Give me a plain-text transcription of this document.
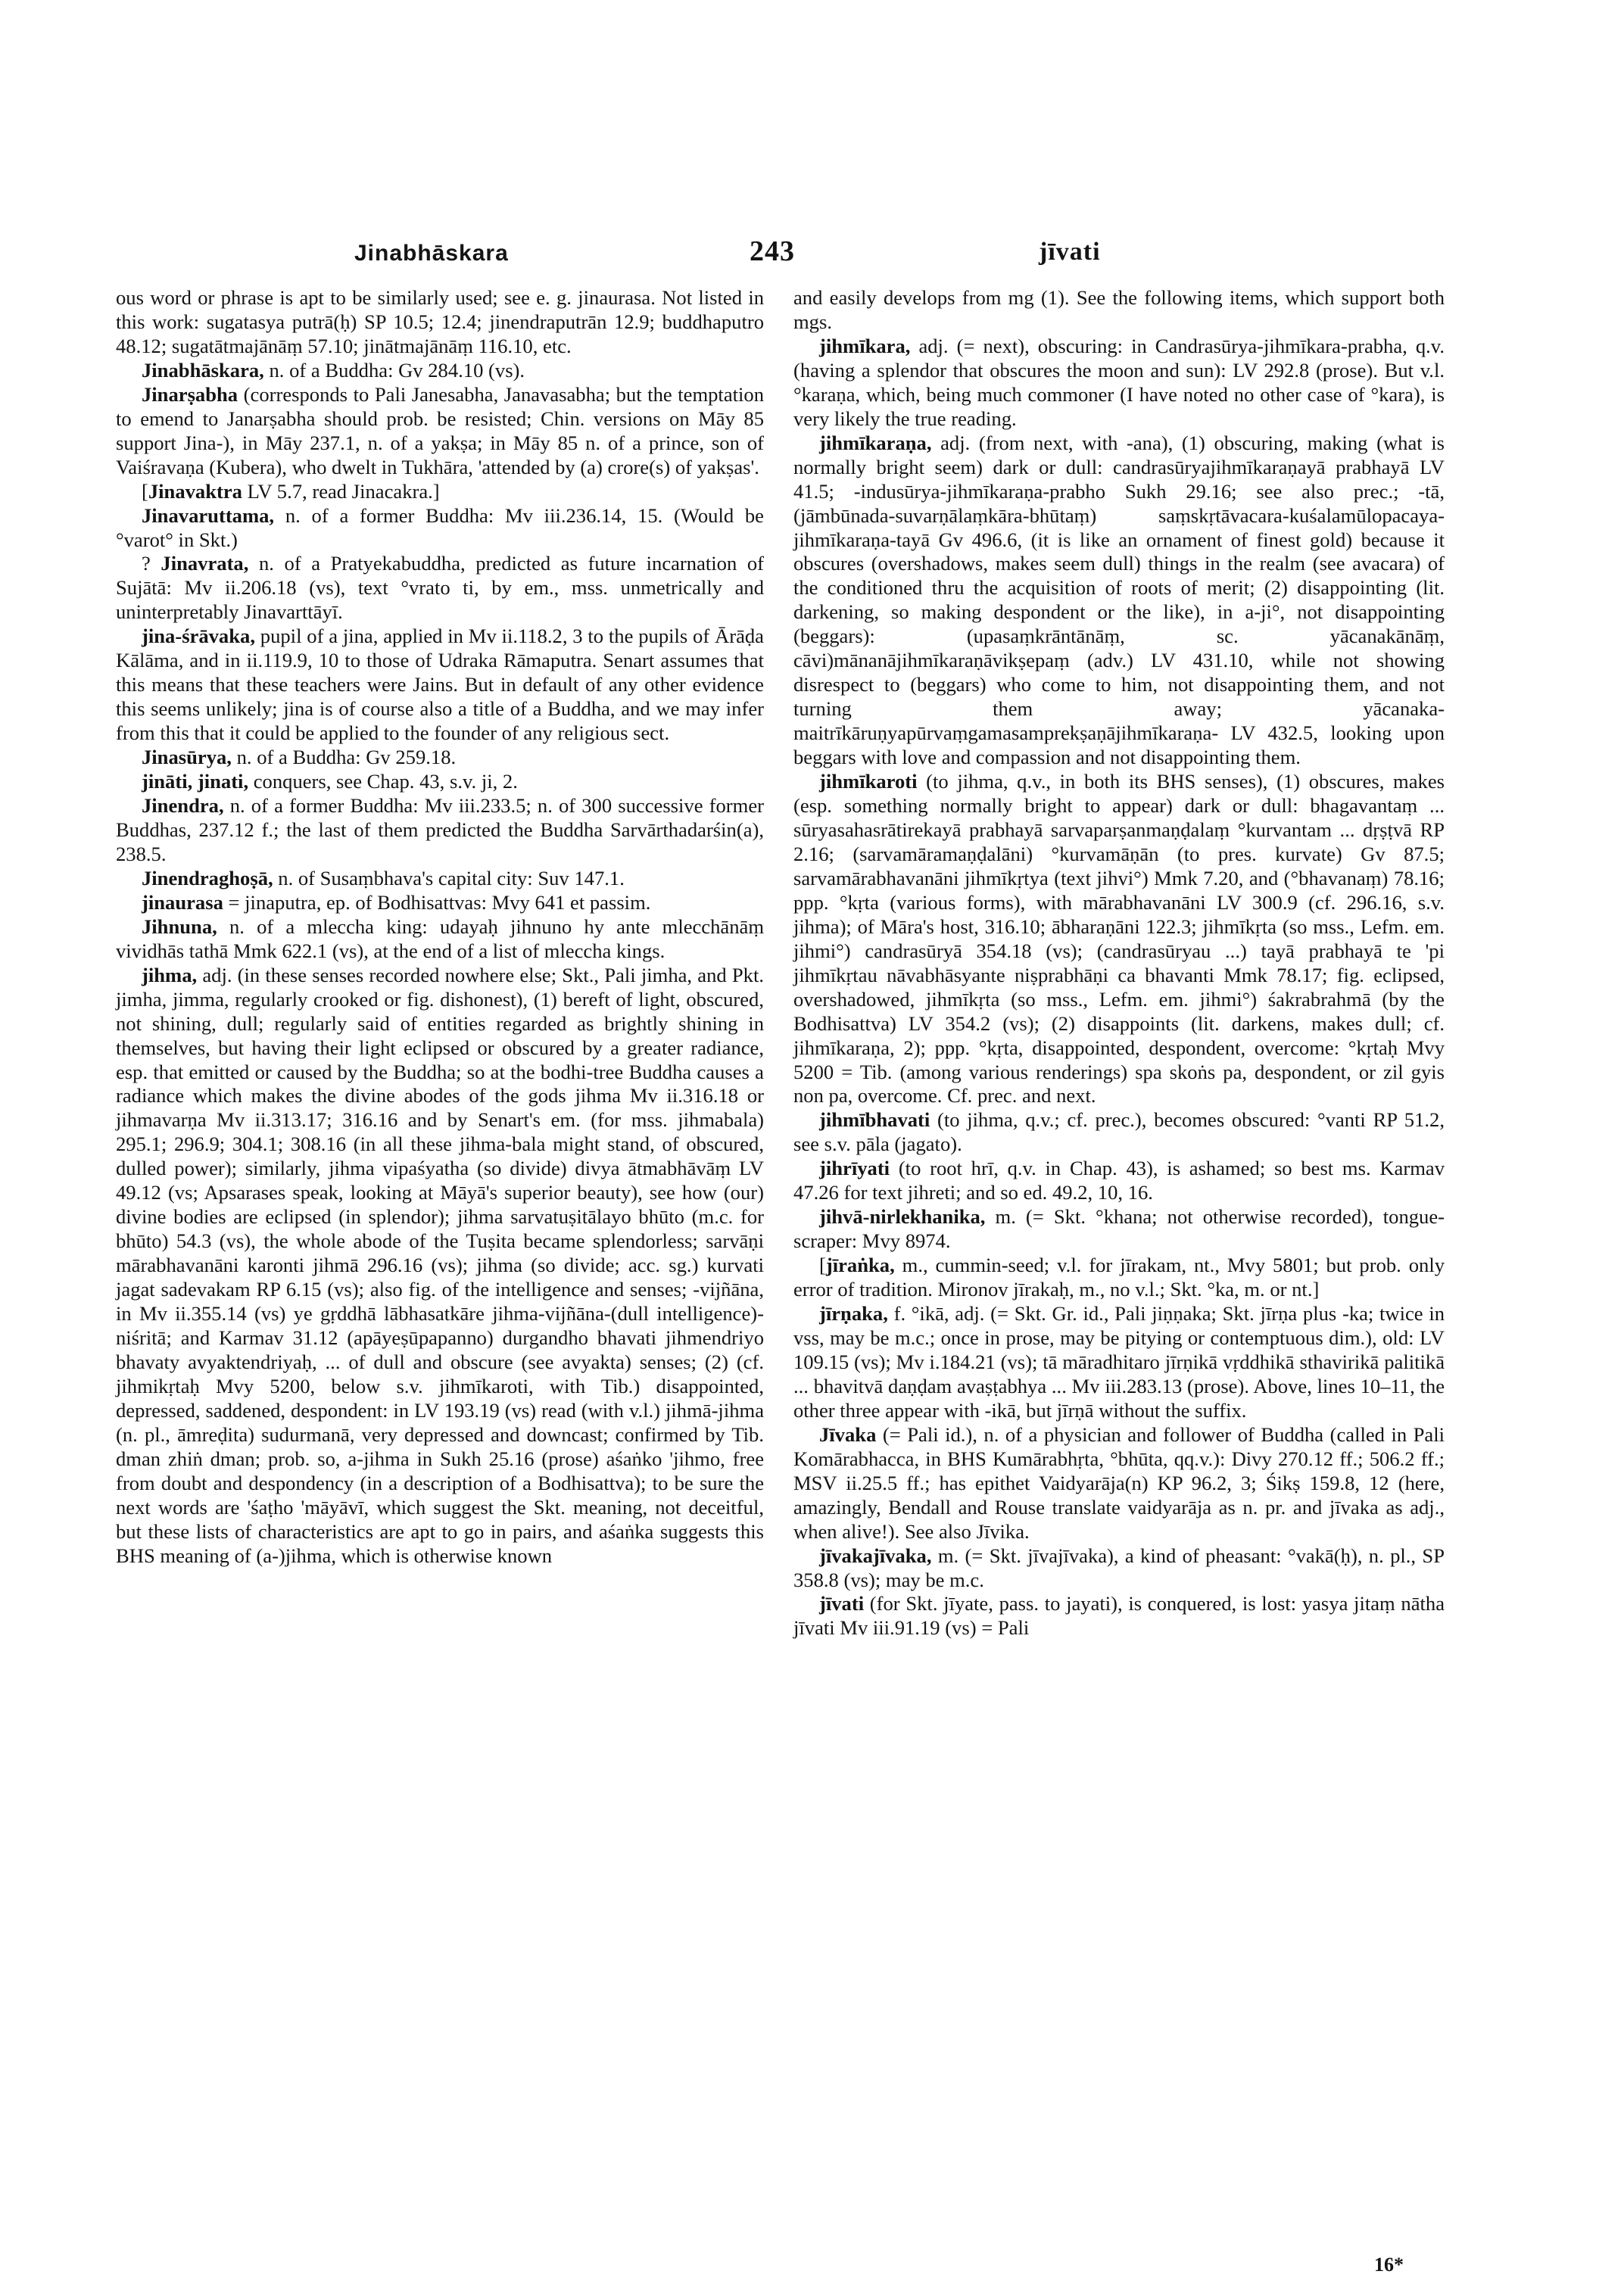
Jinabhāskara	243	jīvati

ous word or phrase is apt to be similarly used; see e. g. jinaurasa. Not listed in this work: sugatasya putrā(ḥ) SP 10.5; 12.4; jinendraputrān 12.9; buddhaputro 48.12; sugatātmajānāṃ 57.10; jinātmajānāṃ 116.10, etc.

Jinabhāskara, n. of a Buddha: Gv 284.10 (vs).

Jinarṣabha (corresponds to Pali Janesabha, Janavasabha; but the temptation to emend to Janarṣabha should prob. be resisted; Chin. versions on Māy 85 support Jina-), in Māy 237.1, n. of a yakṣa; in Māy 85 n. of a prince, son of Vaiśravaṇa (Kubera), who dwelt in Tukhāra, 'attended by (a) crore(s) of yakṣas'.

[Jinavaktra LV 5.7, read Jinacakra.]

Jinavaruttama, n. of a former Buddha: Mv iii.236.14, 15. (Would be °varot° in Skt.)

? Jinavrata, n. of a Pratyekabuddha, predicted as future incarnation of Sujātā: Mv ii.206.18 (vs), text °vrato ti, by em., mss. unmetrically and uninterpretably Jinavarttāyī.

jina-śrāvaka, pupil of a jina, applied in Mv ii.118.2, 3 to the pupils of Ārāḍa Kālāma, and in ii.119.9, 10 to those of Udraka Rāmaputra. Senart assumes that this means that these teachers were Jains. But in default of any other evidence this seems unlikely; jina is of course also a title of a Buddha, and we may infer from this that it could be applied to the founder of any religious sect.

Jinasūrya, n. of a Buddha: Gv 259.18.

jināti, jinati, conquers, see Chap. 43, s.v. ji, 2.

Jinendra, n. of a former Buddha: Mv iii.233.5; n. of 300 successive former Buddhas, 237.12 f.; the last of them predicted the Buddha Sarvārthadarśin(a), 238.5.

Jinendraghoṣā, n. of Susaṃbhava's capital city: Suv 147.1.

jinaurasa = jinaputra, ep. of Bodhisattvas: Mvy 641 et passim.

Jihnuna, n. of a mleccha king: udayaḥ jihnuno hy ante mlecchānāṃ vividhās tathā Mmk 622.1 (vs), at the end of a list of mleccha kings.

jihma, adj. (in these senses recorded nowhere else; Skt., Pali jimha, and Pkt. jimha, jimma, regularly crooked or fig. dishonest), (1) bereft of light, obscured, not shining, dull; regularly said of entities regarded as brightly shining in themselves, but having their light eclipsed or obscured by a greater radiance, esp. that emitted or caused by the Buddha; so at the bodhi-tree Buddha causes a radiance which makes the divine abodes of the gods jihma Mv ii.316.18 or jihmavarṇa Mv ii.313.17; 316.16 and by Senart's em. (for mss. jihmabala) 295.1; 296.9; 304.1; 308.16 (in all these jihma-bala might stand, of obscured, dulled power); similarly, jihma vipaśyatha (so divide) divya ātmabhāvāṃ LV 49.12 (vs; Apsarases speak, looking at Māyā's superior beauty), see how (our) divine bodies are eclipsed (in splendor); jihma sarvatuṣitālayo bhūto (m.c. for bhūto) 54.3 (vs), the whole abode of the Tuṣita became splendorless; sarvāṇi mārabhavanāni karonti jihmā 296.16 (vs); jihma (so divide; acc. sg.) kurvati jagat sadevakam RP 6.15 (vs); also fig. of the intelligence and senses; -vijñāna, in Mv ii.355.14 (vs) ye gṛddhā lābhasatkāre jihma-vijñāna-(dull intelligence)-niśritā; and Karmav 31.12 (apāyeṣūpapanno) durgandho bhavati jihmendriyo bhavaty avyaktendriyaḥ, ... of dull and obscure (see avyakta) senses; (2) (cf. jihmikṛtaḥ Mvy 5200, below s.v. jihmīkaroti, with Tib.) disappointed, depressed, saddened, despondent: in LV 193.19 (vs) read (with v.l.) jihmā-jihma (n. pl., āmreḍita) sudurmanā, very depressed and downcast; confirmed by Tib. dman zhiṅ dman; prob. so, a-jihma in Sukh 25.16 (prose) aśaṅko 'jihmo, free from doubt and despondency (in a description of a Bodhisattva); to be sure the next words are 'śaṭho 'māyāvī, which suggest the Skt. meaning, not deceitful, but these lists of characteristics are apt to go in pairs, and aśaṅka suggests this BHS meaning of (a-)jihma, which is otherwise known

and easily develops from mg (1). See the following items, which support both mgs.

jihmīkara, adj. (= next), obscuring: in Candrasūrya-jihmīkara-prabha, q.v. (having a splendor that obscures the moon and sun): LV 292.8 (prose). But v.l. °karaṇa, which, being much commoner (I have noted no other case of °kara), is very likely the true reading.

jihmīkaraṇa, adj. (from next, with -ana), (1) obscuring, making (what is normally bright seem) dark or dull: candrasūryajihmīkaraṇayā prabhayā LV 41.5; -indusūrya-jihmīkaraṇa-prabho Sukh 29.16; see also prec.; -tā, (jāmbūnada-suvarṇālaṃkāra-bhūtaṃ) saṃskṛtāvacara-kuśalamūlopacaya-jihmīkaraṇa-tayā Gv 496.6, (it is like an ornament of finest gold) because it obscures (overshadows, makes seem dull) things in the realm (see avacara) of the conditioned thru the acquisition of roots of merit; (2) disappointing (lit. darkening, so making despondent or the like), in a-ji°, not disappointing (beggars): (upasaṃkrāntānāṃ, sc. yācanakānāṃ, cāvi)mānanājihmīkaraṇāvikṣepaṃ (adv.) LV 431.10, while not showing disrespect to (beggars) who come to him, not disappointing them, and not turning them away; yācanaka-maitrīkāruṇyapūrvaṃgamasamprekṣaṇājihmīkaraṇa- LV 432.5, looking upon beggars with love and compassion and not disappointing them.

jihmīkaroti (to jihma, q.v., in both its BHS senses), (1) obscures, makes (esp. something normally bright to appear) dark or dull: bhagavantaṃ ... sūryasahasrātirekayā prabhayā sarvaparṣanmaṇḍalaṃ °kurvantam ... dṛṣṭvā RP 2.16; (sarvamāramaṇḍalāni) °kurvamāṇān (to pres. kurvate) Gv 87.5; sarvamārabhavanāni jihmīkṛtya (text jihvi°) Mmk 7.20, and (°bhavanaṃ) 78.16; ppp. °kṛta (various forms), with mārabhavanāni LV 300.9 (cf. 296.16, s.v. jihma); of Māra's host, 316.10; ābharaṇāni 122.3; jihmīkṛta (so mss., Lefm. em. jihmi°) candrasūryā 354.18 (vs); (candrasūryau ...) tayā prabhayā te 'pi jihmīkṛtau nāvabhāsyante niṣprabhāṇi ca bhavanti Mmk 78.17; fig. eclipsed, overshadowed, jihmīkṛta (so mss., Lefm. em. jihmi°) śakrabrahmā (by the Bodhisattva) LV 354.2 (vs); (2) disappoints (lit. darkens, makes dull; cf. jihmīkaraṇa, 2); ppp. °kṛta, disappointed, despondent, overcome: °kṛtaḥ Mvy 5200 = Tib. (among various renderings) spa skoṅs pa, despondent, or zil gyis non pa, overcome. Cf. prec. and next.

jihmībhavati (to jihma, q.v.; cf. prec.), becomes obscured: °vanti RP 51.2, see s.v. pāla (jagato).

jihrīyati (to root hrī, q.v. in Chap. 43), is ashamed; so best ms. Karmav 47.26 for text jihreti; and so ed. 49.2, 10, 16.

jihvā-nirlekhanika, m. (= Skt. °khana; not otherwise recorded), tongue-scraper: Mvy 8974.

[jīraṅka, m., cummin-seed; v.l. for jīrakam, nt., Mvy 5801; but prob. only error of tradition. Mironov jīrakaḥ, m., no v.l.; Skt. °ka, m. or nt.]

jīrṇaka, f. °ikā, adj. (= Skt. Gr. id., Pali jiṇṇaka; Skt. jīrṇa plus -ka; twice in vss, may be m.c.; once in prose, may be pitying or contemptuous dim.), old: LV 109.15 (vs); Mv i.184.21 (vs); tā māradhitaro jīrṇikā vṛddhikā sthavirikā palitikā ... bhavitvā daṇḍam avaṣṭabhya ... Mv iii.283.13 (prose). Above, lines 10–11, the other three appear with -ikā, but jīrṇā without the suffix.

Jīvaka (= Pali id.), n. of a physician and follower of Buddha (called in Pali Komārabhacca, in BHS Kumārabhṛta, °bhūta, qq.v.): Divy 270.12 ff.; 506.2 ff.; MSV ii.25.5 ff.; has epithet Vaidyarāja(n) KP 96.2, 3; Śikṣ 159.8, 12 (here, amazingly, Bendall and Rouse translate vaidyarāja as n. pr. and jīvaka as adj., when alive!). See also Jīvika.

jīvakajīvaka, m. (= Skt. jīvajīvaka), a kind of pheasant: °vakā(ḥ), n. pl., SP 358.8 (vs); may be m.c.

jīvati (for Skt. jīyate, pass. to jayati), is conquered, is lost: yasya jitaṃ nātha jīvati Mv iii.91.19 (vs) = Pali

16*
